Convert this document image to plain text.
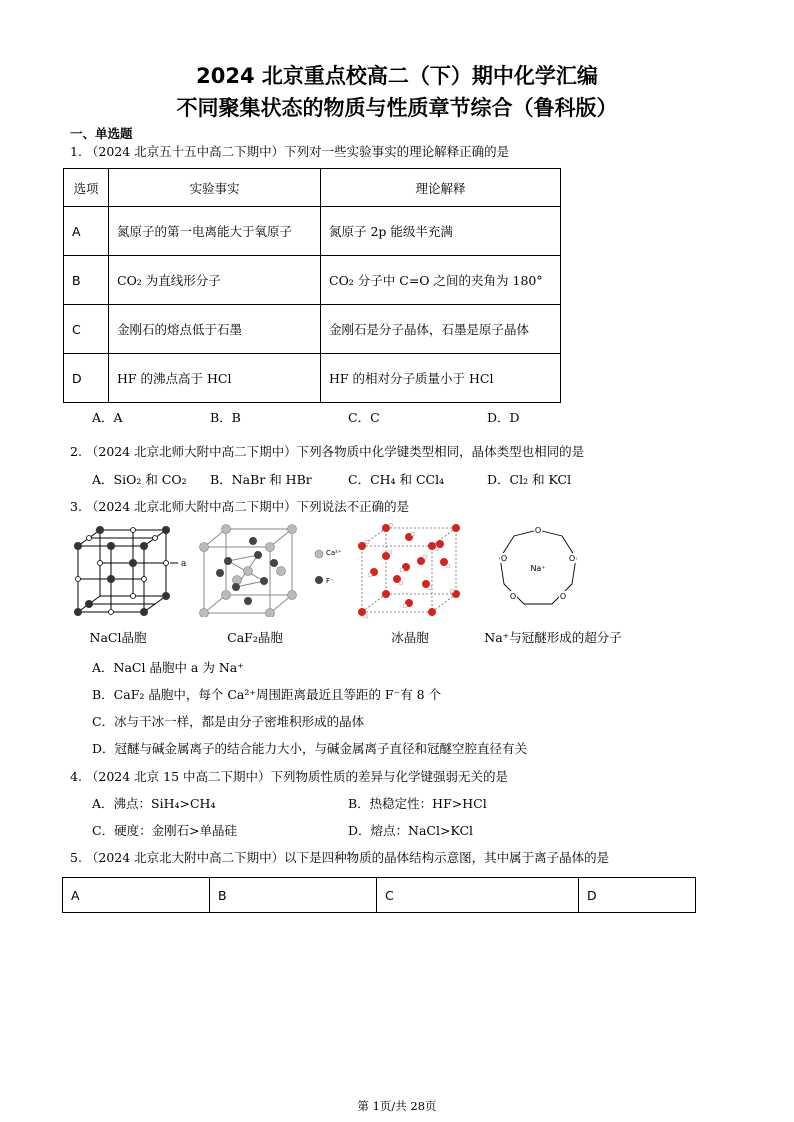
2024 北京重点校高二（下）期中化学汇编
不同聚集状态的物质与性质章节综合（鲁科版）
一、单选题
1. （2024 北京五十五中高二下期中）下列对一些实验事实的理论解释正确的是
选项	实验事实	理论解释
A	氮原子的第一电离能大于氧原子	氮原子 2p 能级半充满
B	CO₂ 为直线形分子	CO₂ 分子中 C=O 之间的夹角为 180°
C	金刚石的熔点低于石墨	金刚石是分子晶体，石墨是原子晶体
D	HF 的沸点高于 HCl	HF 的相对分子质量小于 HCl
A．A	B．B	C．C	D．D
2. （2024 北京北师大附中高二下期中）下列各物质中化学键类型相同，晶体类型也相同的是
A．SiO₂ 和 CO₂ B．NaBr 和 HBr	C．CH₄ 和 CCl₄	D．Cl₂ 和 KCl
3. （2024 北京北师大附中高二下期中）下列说法不正确的是
a
Ca²⁺
F⁻
O
O
O
O
O
Na⁺
NaCl晶胞	CaF₂晶胞	冰晶胞	Na⁺与冠醚形成的超分子
A．NaCl 晶胞中 a 为 Na⁺
B．CaF₂ 晶胞中，每个 Ca²⁺周围距离最近且等距的 F⁻有 8 个
C．冰与干冰一样，都是由分子密堆积形成的晶体
D．冠醚与碱金属离子的结合能力大小，与碱金属离子直径和冠醚空腔直径有关
4. （2024 北京 15 中高二下期中）下列物质性质的差异与化学键强弱无关的是
A．沸点：SiH₄>CH₄	B．热稳定性：HF>HCl
C．硬度：金刚石>单晶硅	D．熔点：NaCl>KCl
5. （2024 北京北大附中高二下期中）以下是四种物质的晶体结构示意图，其中属于离子晶体的是
A	B	C	D
第 1页/共 28页
